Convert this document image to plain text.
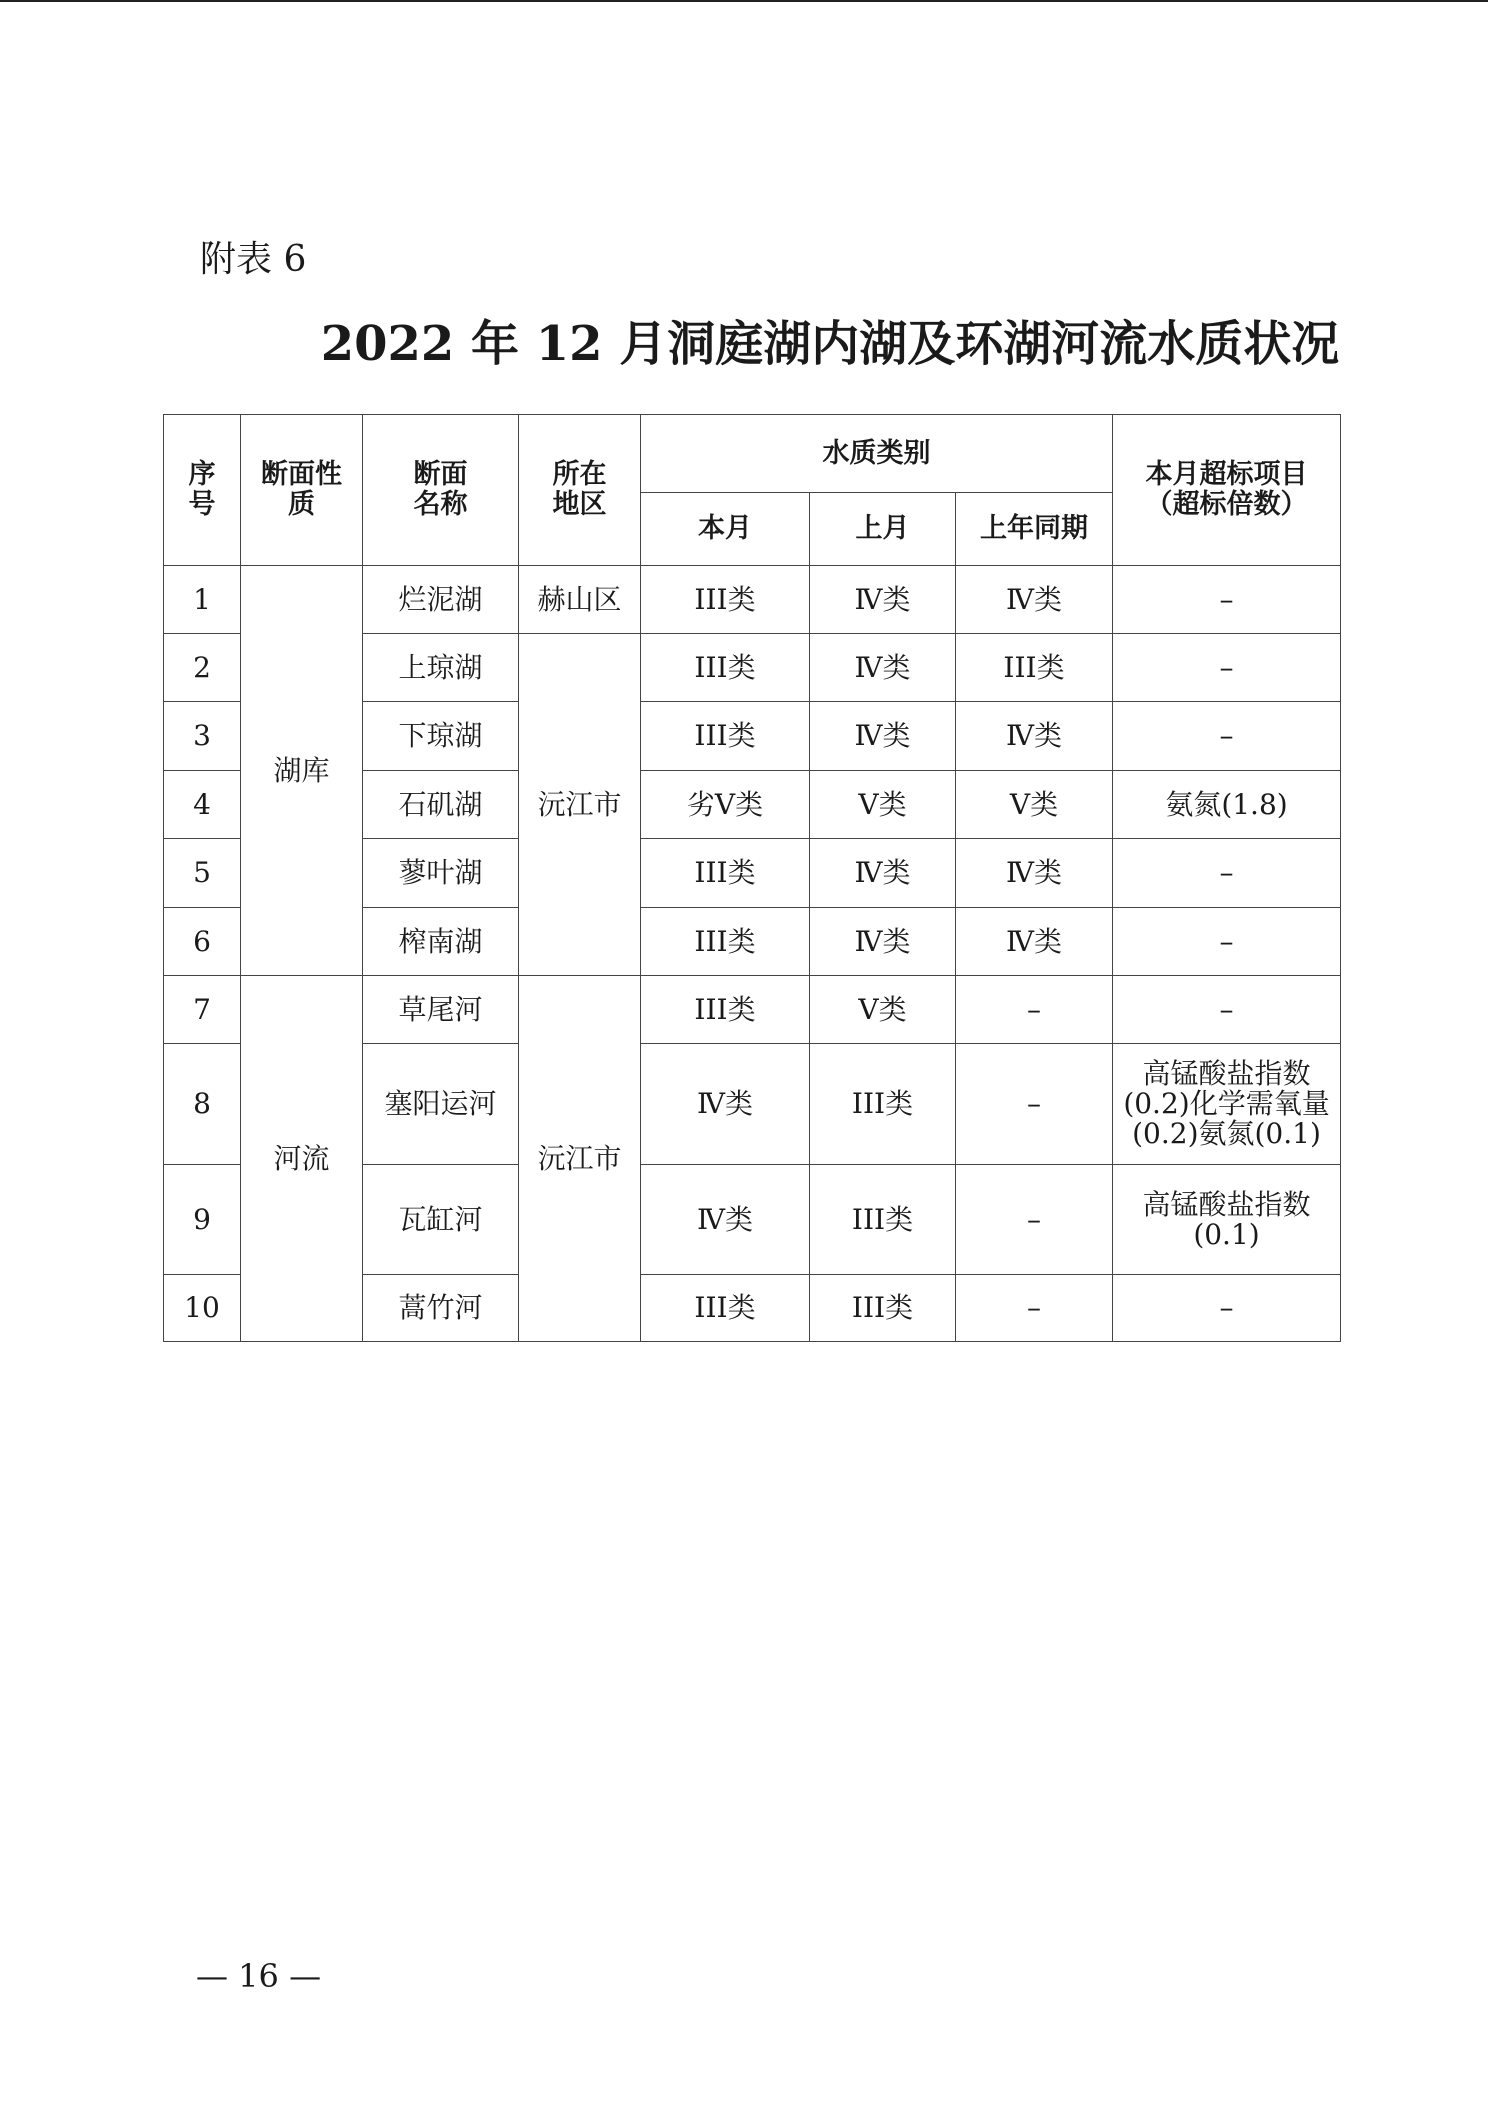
附表 6
2022 年 12 月洞庭湖内湖及环湖河流水质状况
序号	断面性质	断面名称	所在地区	水质类别			本月超标项目（超标倍数）

				本月	上月	上年同期	
1	湖库	烂泥湖	赫山区	III类	Ⅳ类	Ⅳ类	–
2		上琼湖	沅江市	III类	Ⅳ类	III类	–
3		下琼湖		III类	Ⅳ类	Ⅳ类	–
4		石矶湖		劣V类	V类	V类	氨氮(1.8)
5		蓼叶湖		III类	Ⅳ类	Ⅳ类	–
6		榨南湖		III类	Ⅳ类	Ⅳ类	–
7	河流	草尾河	沅江市	III类	V类	–	–
8		塞阳运河		Ⅳ类	III类	–	高锰酸盐指数(0.2)化学需氧量(0.2)氨氮(0.1)
9		瓦缸河		Ⅳ类	III类	–	高锰酸盐指数(0.1)
10		蒿竹河		III类	III类	–	–
— 16 —
